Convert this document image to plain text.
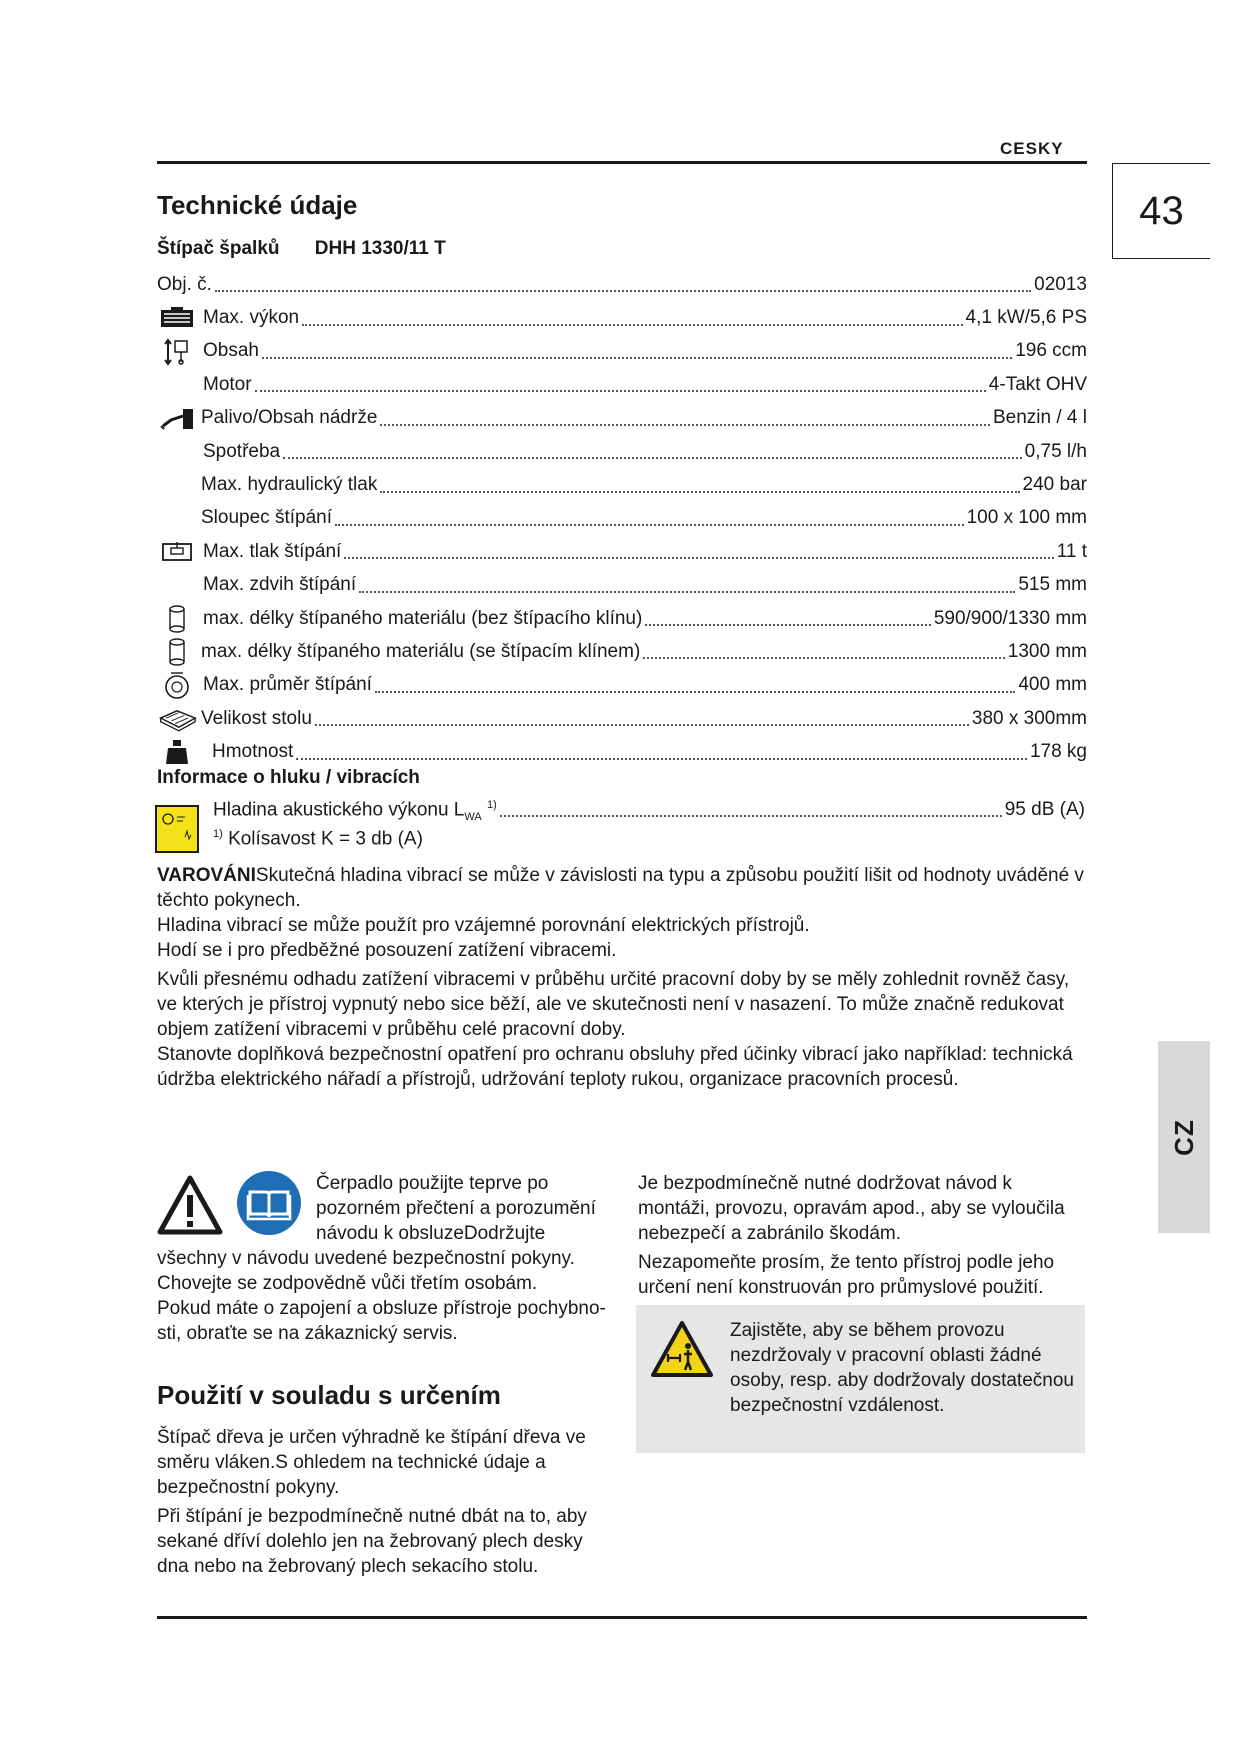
CESKY
43
CZ
Technické údaje
Štípač špalků DHH 1330/11 T
Obj. č.	02013
Max. výkon	4,1 kW/5,6 PS
Obsah	196 ccm
Motor	4-Takt OHV
Palivo/Obsah nádrže	Benzin / 4 l
Spotřeba	0,75 l/h
Max. hydraulický tlak	240 bar
Sloupec štípání	100 x 100 mm
Max. tlak štípání	11 t
Max. zdvih štípání	515 mm
max. délky štípaného materiálu (bez štípacího klínu)	590/900/1330 mm
max. délky štípaného materiálu (se štípacím klínem)	1300 mm
Max. průměr štípání	400 mm
Velikost stolu	380 x 300mm
Hmotnost	178 kg
Informace o hluku / vibracích
Hladina akustického výkonu $L_{WA}$ $^{1)}$	95 dB (A)
$^{1)}$ Kolísavost K = 3 db (A)
VAROVÁNISkutečná hladina vibrací se může v závislosti na typu a způsobu použití lišit od hodnoty uváděné v těchto pokynech.
Hladina vibrací se může použít pro vzájemné porovnání elektrických přístrojů.
Hodí se i pro předběžné posouzení zatížení vibracemi.
Kvůli přesnému odhadu zatížení vibracemi v průběhu určité pracovní doby by se měly zohlednit rovněž časy, ve kterých je přístroj vypnutý nebo sice běží, ale ve skutečnosti není v nasazení. To může značně redukovat objem zatížení vibracemi v průběhu celé pracovní doby.
Stanovte doplňková bezpečnostní opatření pro ochranu obsluhy před účinky vibrací jako například: technická údržba elektrického nářadí a přístrojů, udržování teploty rukou, organizace pracovních procesů.
Čerpadlo použijte teprve po pozorném přečtení a porozumění návodu k obsluzeDodržujte
všechny v návodu uvedené bezpečnostní pokyny.
Chovejte se zodpovědně vůči třetím osobám.
Pokud máte o zapojení a obsluze přístroje pochybno-sti, obraťte se na zákaznický servis.
Použití v souladu s určením
Štípač dřeva je určen výhradně ke štípání dřeva ve směru vláken.S ohledem na technické údaje a bezpečnostní pokyny.
Při štípání je bezpodmínečně nutné dbát na to, aby sekané dříví dolehlo jen na žebrovaný plech desky dna nebo na žebrovaný plech sekacího stolu.
Je bezpodmínečně nutné dodržovat návod k montáži, provozu, opravám apod., aby se vyloučila nebezpečí a zabránilo škodám.
Nezapomeňte prosím, že tento přístroj podle jeho určení není konstruován pro průmyslové použití.
Zajistěte, aby se během provozu nezdržovaly v pracovní oblasti žádné osoby, resp. aby dodržovaly dostatečnou bezpečnostní vzdálenost.
